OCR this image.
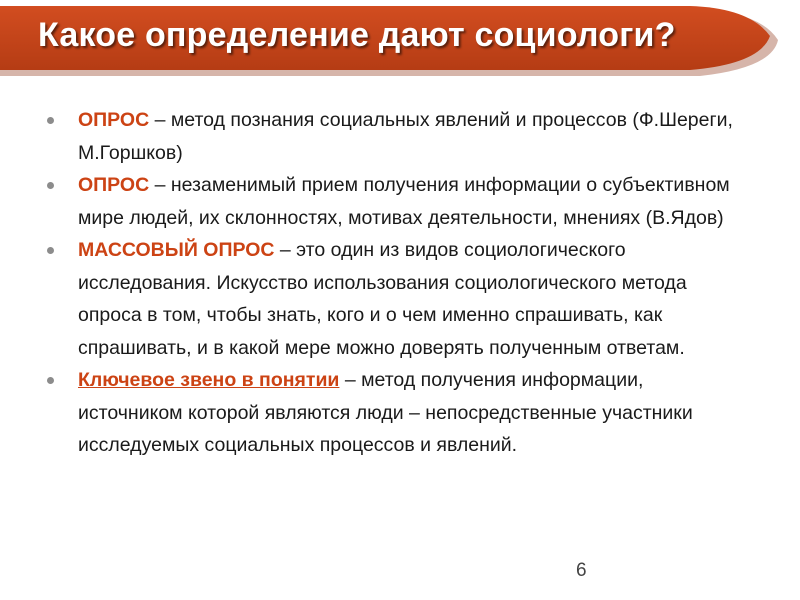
Какое определение дают социологи?
ОПРОС – метод познания социальных явлений и процессов (Ф.Шереги, М.Горшков)
ОПРОС – незаменимый прием получения информации о субъективном мире людей, их склонностях, мотивах деятельности, мнениях (В.Ядов)
МАССОВЫЙ ОПРОС – это один из видов социологического исследования. Искусство использования социологического метода опроса в том, чтобы знать, кого и о чем именно спрашивать, как спрашивать, и в какой мере можно доверять полученным ответам.
Ключевое звено в понятии – метод получения информации, источником которой являются люди – непосредственные участники исследуемых социальных процессов и явлений.
6
